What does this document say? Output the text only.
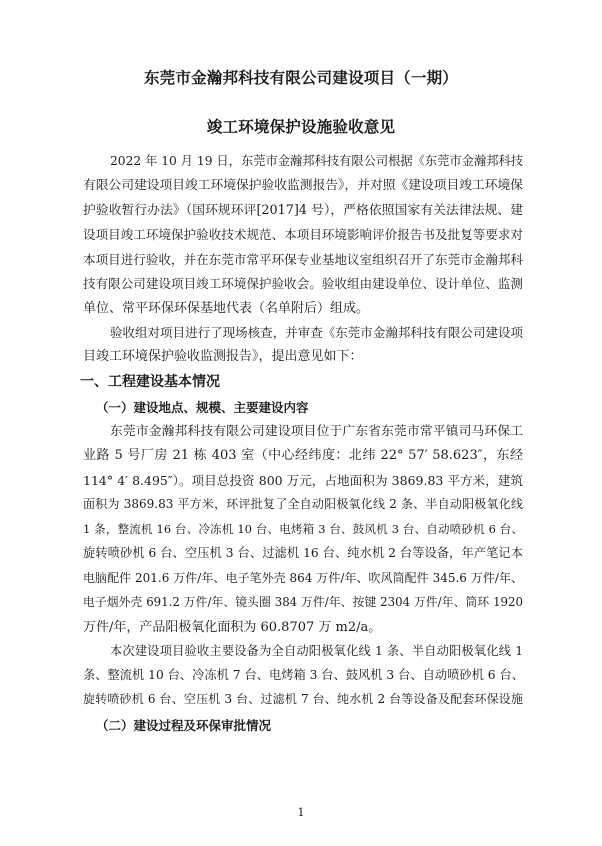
东莞市金瀚邦科技有限公司建设项目（一期）
竣工环境保护设施验收意见
2022 年 10 月 19 日，东莞市金瀚邦科技有限公司根据《东莞市金瀚邦科技
有限公司建设项目竣工环境保护验收监测报告》，并对照《建设项目竣工环境保
护验收暂行办法》（国环规环评[2017]4 号），严格依照国家有关法律法规、建
设项目竣工环境保护验收技术规范、本项目环境影响评价报告书及批复等要求对
本项目进行验收，并在东莞市常平环保专业基地议室组织召开了东莞市金瀚邦科
技有限公司建设项目竣工环境保护验收会。验收组由建设单位、设计单位、监测
单位、常平环保环保基地代表（名单附后）组成。
验收组对项目进行了现场核查，并审查《东莞市金瀚邦科技有限公司建设项
目竣工环境保护验收监测报告》，提出意见如下：
一、工程建设基本情况
（一）建设地点、规模、主要建设内容
东莞市金瀚邦科技有限公司建设项目位于广东省东莞市常平镇司马环保工
业路 5 号厂房 21 栋 403 室（中心经纬度：北纬 22° 57′ 58.623″，东经
114° 4′ 8.495″）。项目总投资 800 万元，占地面积为 3869.83 平方米，建筑
面积为 3869.83 平方米，环评批复了全自动阳极氧化线 2 条、半自动阳极氧化线
1 条，整流机 16 台、冷冻机 10 台、电烤箱 3 台、鼓风机 3 台、自动喷砂机 6 台、
旋转喷砂机 6 台、空压机 3 台、过滤机 16 台、纯水机 2 台等设备，年产笔记本
电脑配件 201.6 万件/年、电子笔外壳 864 万件/年、吹风筒配件 345.6 万件/年、
电子烟外壳 691.2 万件/年、镜头圈 384 万件/年、按键 2304 万件/年、筒环 1920
万件/年，产品阳极氧化面积为 60.8707 万 m2/a。
本次建设项目验收主要设备为全自动阳极氧化线 1 条、半自动阳极氧化线 1
条、整流机 10 台、冷冻机 7 台、电烤箱 3 台、鼓风机 3 台、自动喷砂机 6 台、
旋转喷砂机 6 台、空压机 3 台、过滤机 7 台、纯水机 2 台等设备及配套环保设施
（二）建设过程及环保审批情况
1
